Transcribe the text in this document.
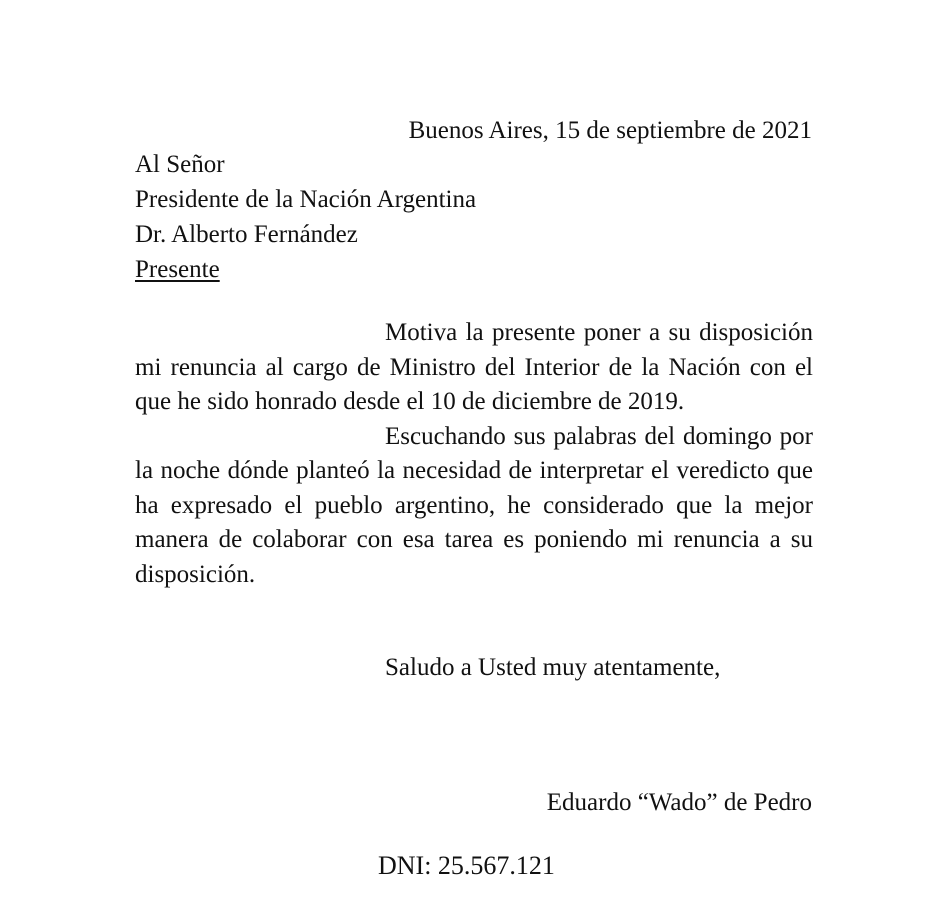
Buenos Aires, 15 de septiembre de 2021
Al Señor
Presidente de la Nación Argentina
Dr. Alberto Fernández
Presente

Motiva la presente poner a su disposición mi renuncia al cargo de Ministro del Interior de la Nación con el que he sido honrado desde el 10 de diciembre de 2019.

Escuchando sus palabras del domingo por la noche dónde planteó la necesidad de interpretar el veredicto que ha expresado el pueblo argentino, he considerado que la mejor manera de colaborar con esa tarea es poniendo mi renuncia a su disposición.

Saludo a Usted muy atentamente,
Eduardo “Wado” de Pedro
DNI: 25.567.121
